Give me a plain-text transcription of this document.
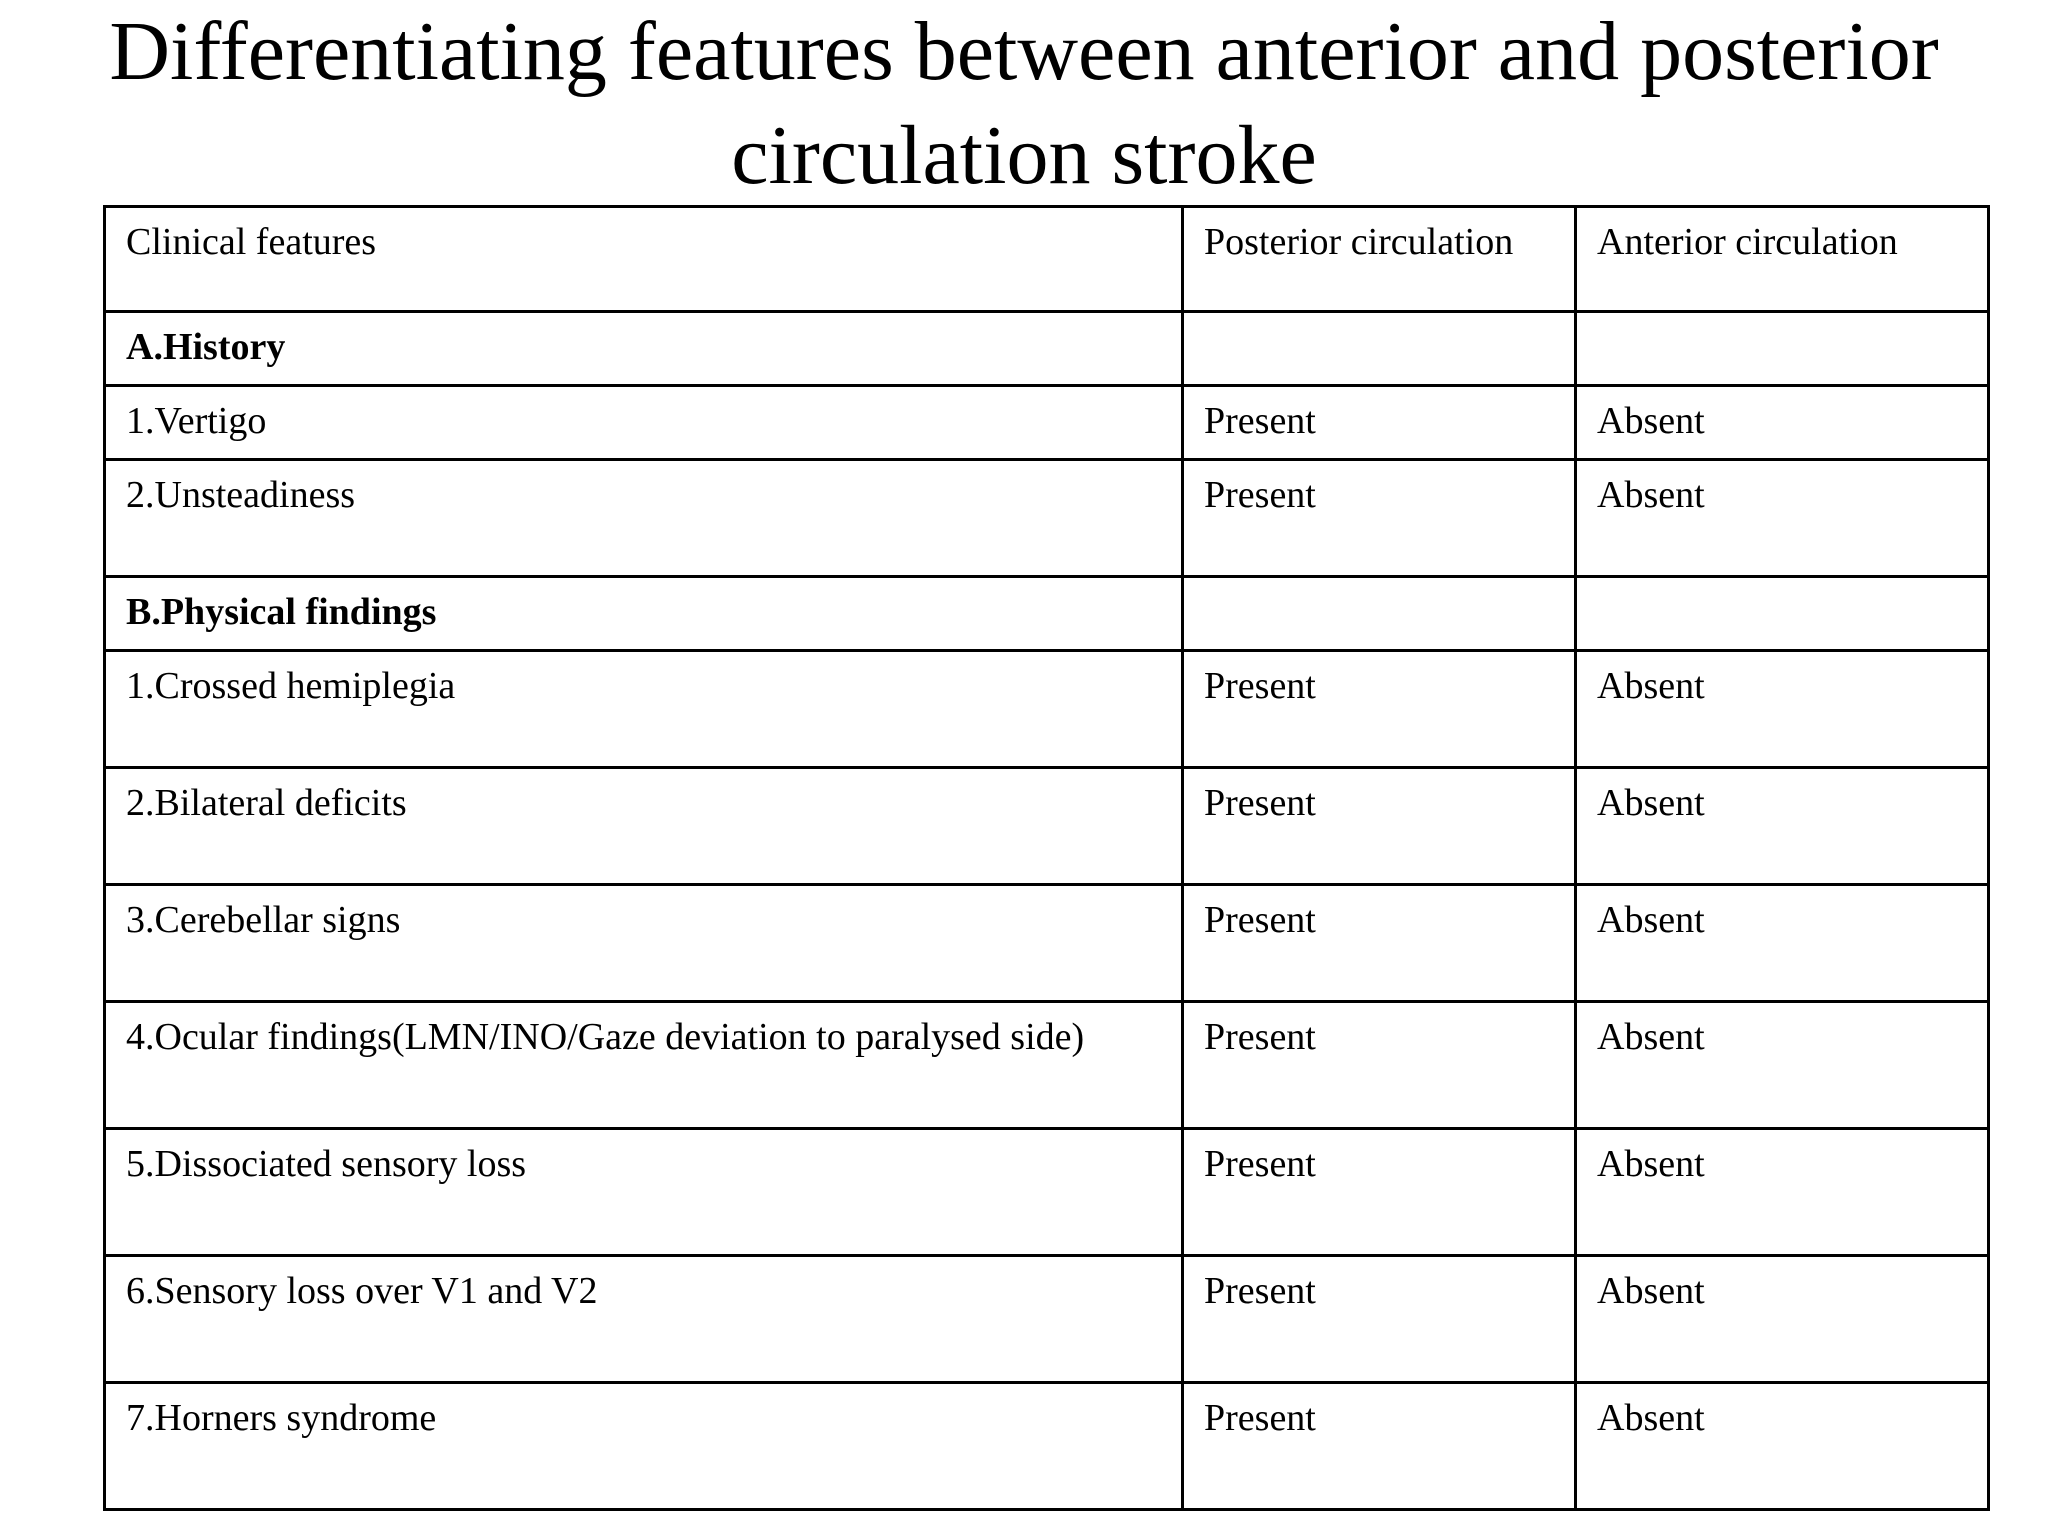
Differentiating features between anterior and posterior circulation stroke
Clinical features	Posterior circulation	Anterior circulation
A.History		
1.Vertigo	Present	Absent
2.Unsteadiness	Present	Absent
B.Physical findings		
1.Crossed hemiplegia	Present	Absent
2.Bilateral deficits	Present	Absent
3.Cerebellar signs	Present	Absent
4.Ocular findings(LMN/INO/Gaze deviation to paralysed side)	Present	Absent
5.Dissociated sensory loss	Present	Absent
6.Sensory loss over V1 and V2	Present	Absent
7.Horners syndrome	Present	Absent
